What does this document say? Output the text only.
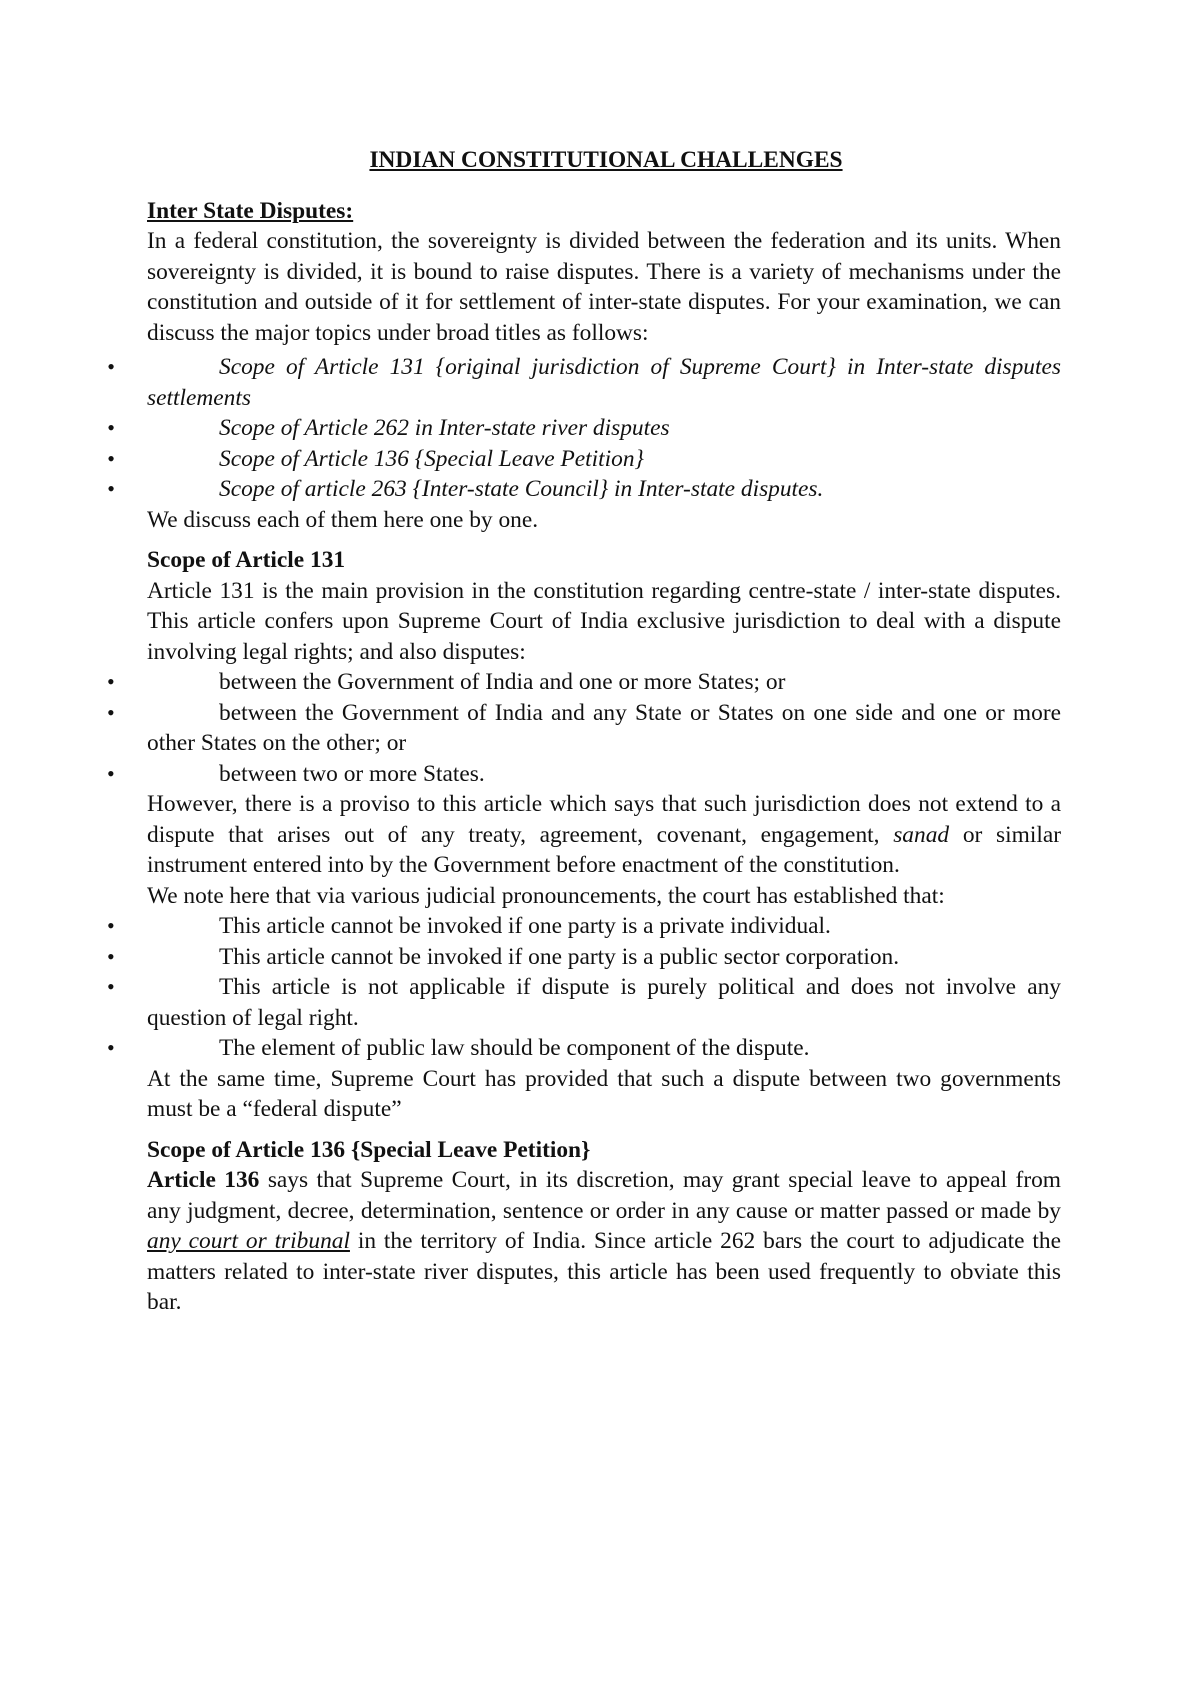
INDIAN CONSTITUTIONAL CHALLENGES

Inter State Disputes:

In a federal constitution, the sovereignty is divided between the federation and its units. When sovereignty is divided, it is bound to raise disputes. There is a variety of mechanisms under the constitution and outside of it for settlement of inter-state disputes. For your examination, we can discuss the major topics under broad titles as follows:

•	Scope of Article 131 {original jurisdiction of Supreme Court} in Inter-state disputes settlements
•	Scope of Article 262 in Inter-state river disputes
•	Scope of Article 136 {Special Leave Petition}
•	Scope of article 263 {Inter-state Council} in Inter-state disputes.

We discuss each of them here one by one.

Scope of Article 131

Article 131 is the main provision in the constitution regarding centre-state / inter-state disputes. This article confers upon Supreme Court of India exclusive jurisdiction to deal with a dispute involving legal rights; and also disputes:

•	between the Government of India and one or more States; or
•	between the Government of India and any State or States on one side and one or more other States on the other; or
•	between two or more States.

However, there is a proviso to this article which says that such jurisdiction does not extend to a dispute that arises out of any treaty, agreement, covenant, engagement, sanad or similar instrument entered into by the Government before enactment of the constitution.

We note here that via various judicial pronouncements, the court has established that:

•	This article cannot be invoked if one party is a private individual.
•	This article cannot be invoked if one party is a public sector corporation.
•	This article is not applicable if dispute is purely political and does not involve any question of legal right.
•	The element of public law should be component of the dispute.

At the same time, Supreme Court has provided that such a dispute between two governments must be a “federal dispute”

Scope of Article 136 {Special Leave Petition}

Article 136 says that Supreme Court, in its discretion, may grant special leave to appeal from any judgment, decree, determination, sentence or order in any cause or matter passed or made by any court or tribunal in the territory of India. Since article 262 bars the court to adjudicate the matters related to inter-state river disputes, this article has been used frequently to obviate this bar.
